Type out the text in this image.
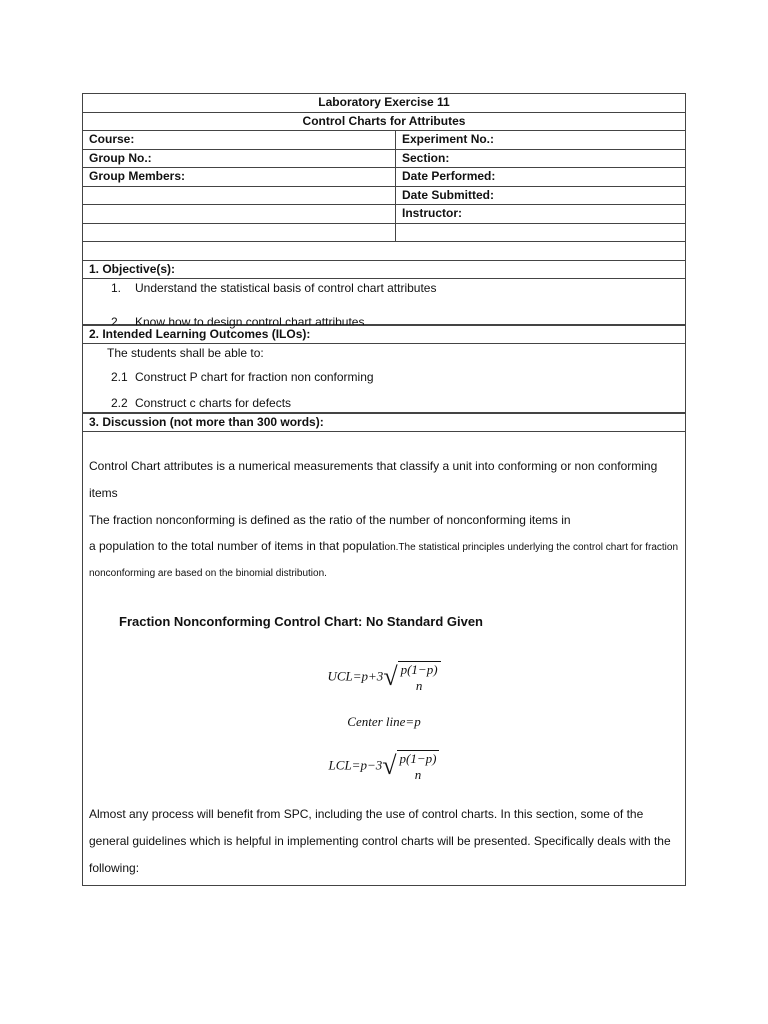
Laboratory Exercise 11	
Control Charts for Attributes	
Course:	Experiment No.:
Group No.:	Section:
Group Members:	Date Performed:
	Date Submitted:
	Instructor:

1. Objective(s):
1. Understand the statistical basis of control chart attributes
2. Know how to design control chart attributes
2. Intended Learning Outcomes (ILOs):
The students shall be able to:
2.1 Construct P chart for fraction non conforming
2.2 Construct c charts for defects
3. Discussion (not more than 300 words):
Control Chart attributes is a numerical measurements that classify a unit into conforming or non conforming items
The fraction nonconforming is defined as the ratio of the number of nonconforming items in
a population to the total number of items in that population.The statistical principles underlying the control chart for fraction nonconforming are based on the binomial distribution.
Fraction Nonconforming Control Chart: No Standard Given
UCL=p+3√ p(1−p)
n
Center line=p
LCL=p−3√ p(1−p)
n
Almost any process will benefit from SPC, including the use of control charts. In this section, some of the general guidelines which is helpful in implementing control charts will be presented. Specifically deals with the following:
